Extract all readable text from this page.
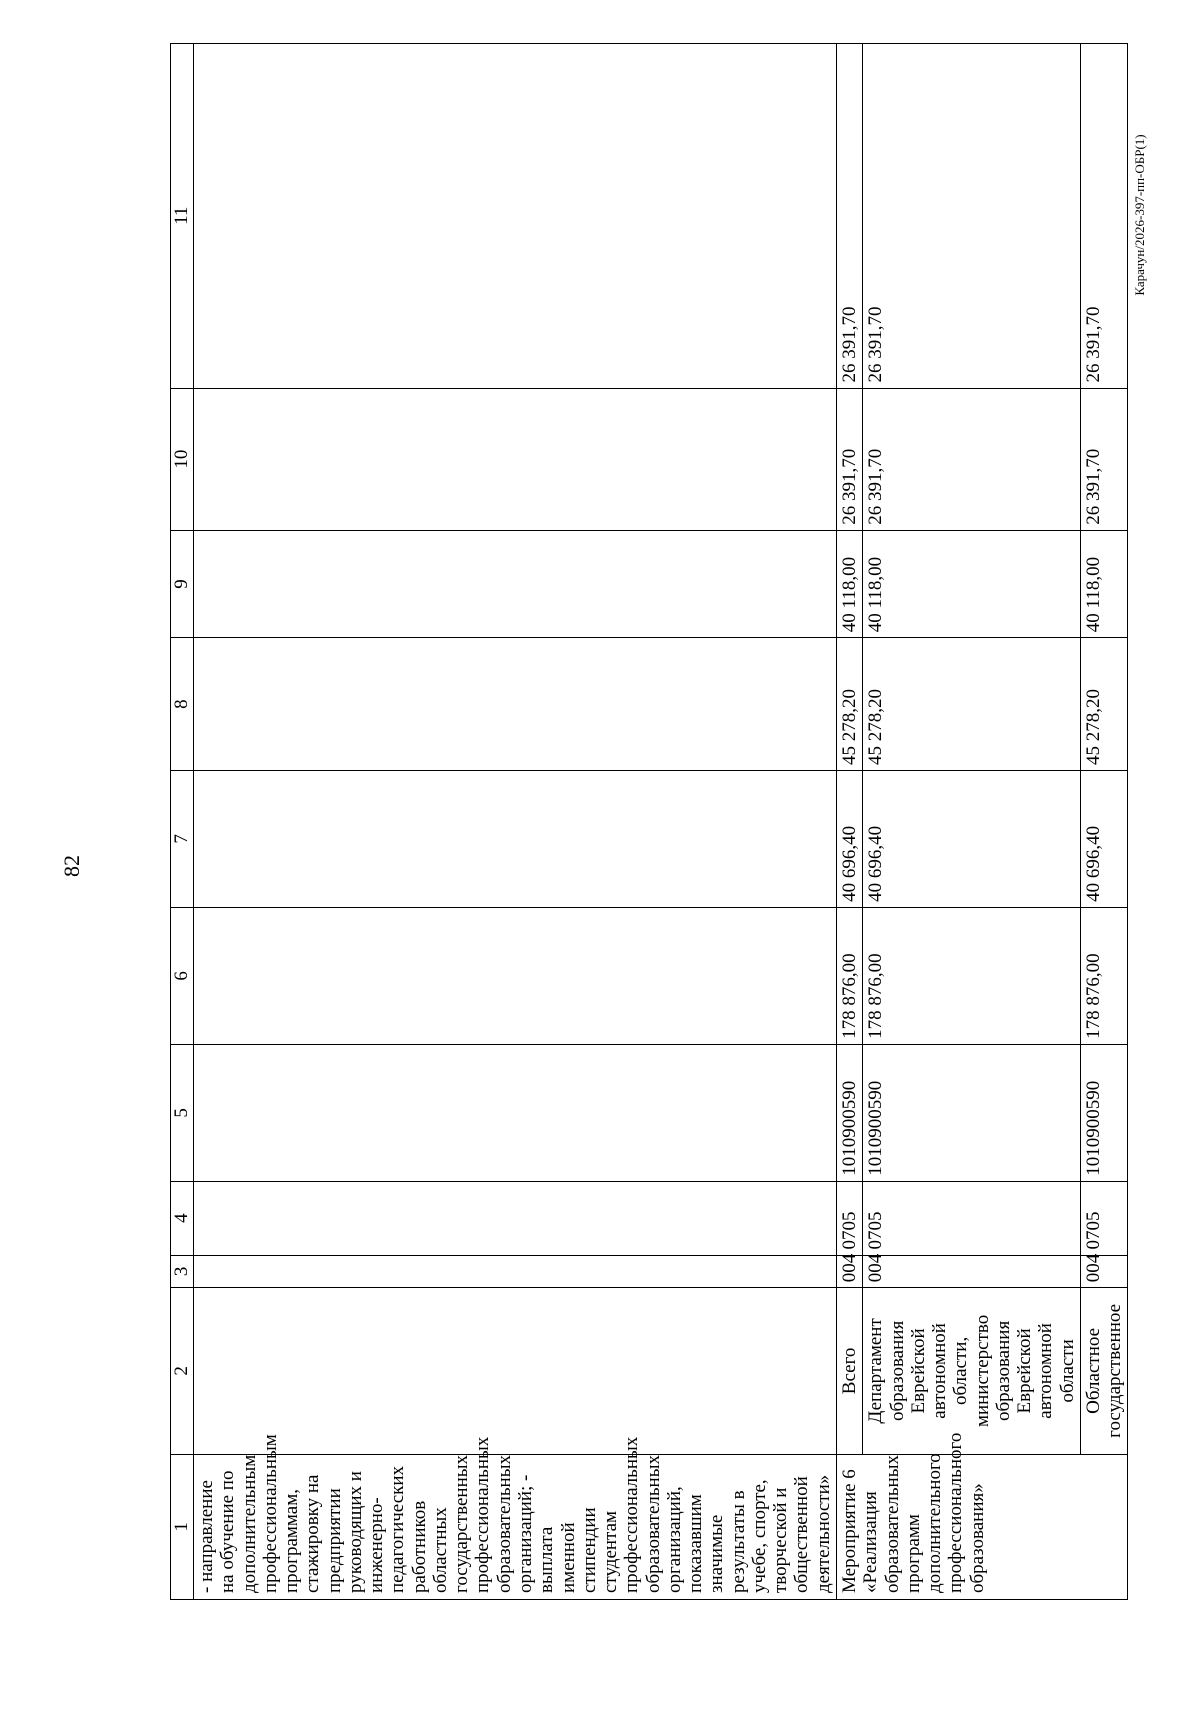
82
1	2	3	4	5	6	7	8	9	10	11
- направление на обучение по дополнительным профессиональным программам, стажировку на предприятии руководящих и инженерно-педагогических работников областных государственных профессиональных образовательных организаций; - выплата именной стипендии студентам профессиональных образовательных организаций, показавшим значимые результаты в учебе, спорте, творческой и общественной деятельности»										
Мероприятие 6 «Реализация образовательных программ дополнительного профессионального образования»	Всего	004	0705	1010900590	178 876,00	40 696,40	45 278,20	40 118,00	26 391,70	26 391,70
	Департамент образования Еврейской автономной области, министерство образования Еврейской автономной области	004	0705	1010900590	178 876,00	40 696,40	45 278,20	40 118,00	26 391,70	26 391,70
	Областное государственное	004	0705	1010900590	178 876,00	40 696,40	45 278,20	40 118,00	26 391,70	26 391,70
Карачун/2026-397-пп-ОБР(1)
